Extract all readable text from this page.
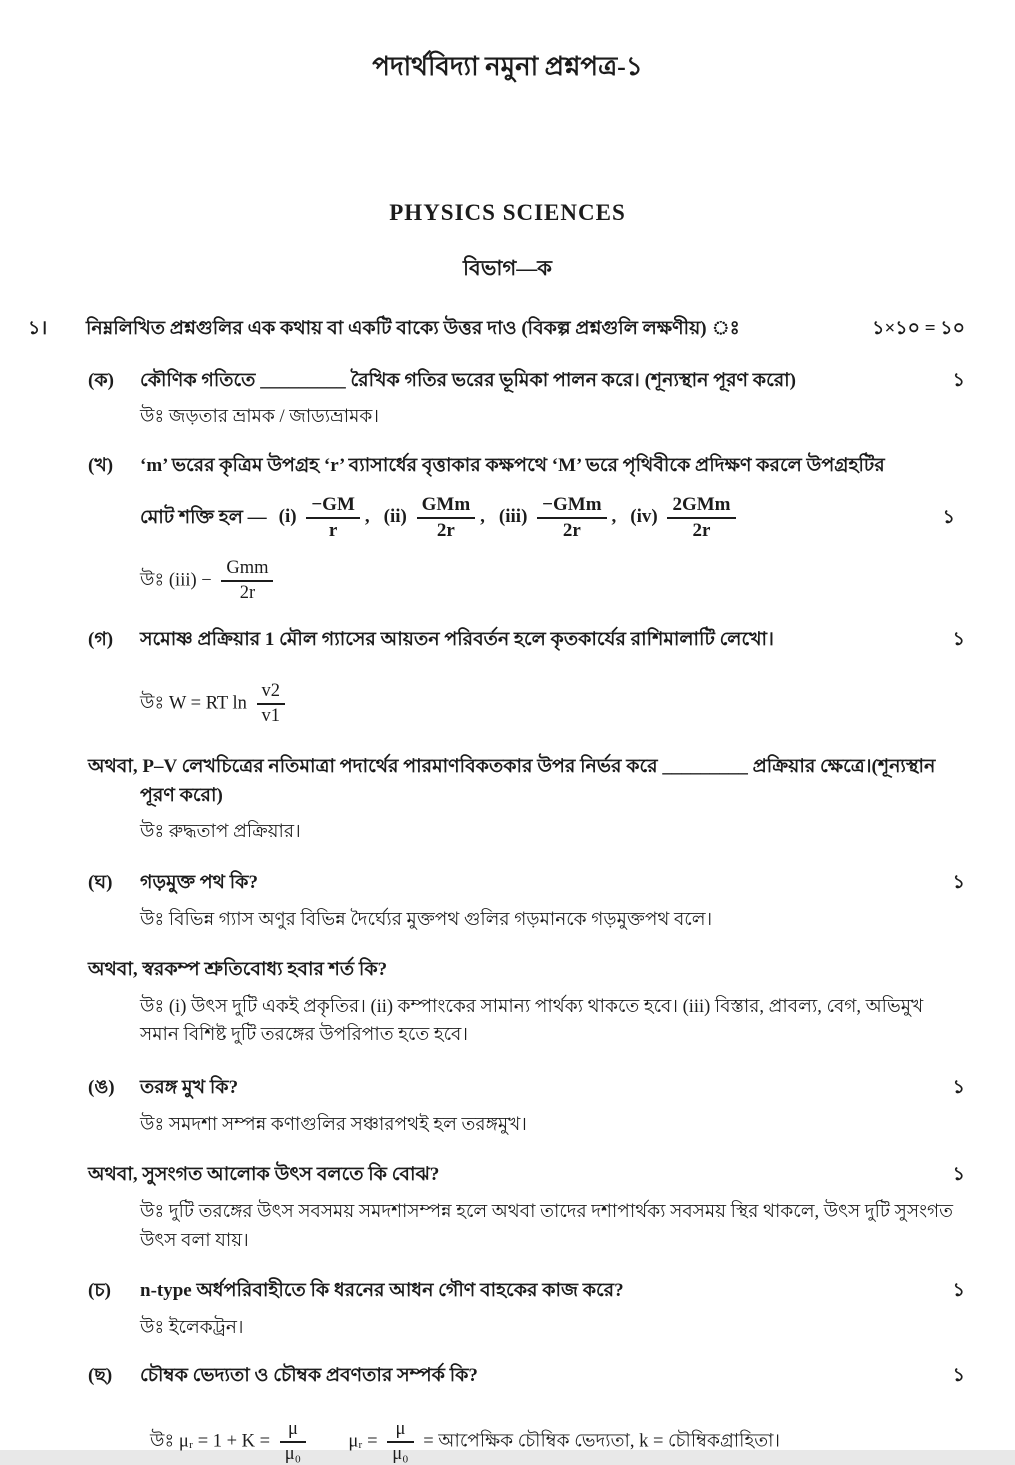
পদার্থবিদ্যা নমুনা প্রশ্নপত্র-১
PHYSICS SCIENCES
বিভাগ—ক
১।	নিম্নলিখিত প্রশ্নগুলির এক কথায় বা একটি বাক্যে উত্তর দাও (বিকল্প প্রশ্নগুলি লক্ষণীয়) ঃ	১×১০ = ১০
(ক)	কৌণিক গতিতে _________ রৈখিক গতির ভরের ভূমিকা পালন করে। (শূন্যস্থান পূরণ করো)	১
উঃ জড়তার ভ্রামক / জাড্যভ্রামক।
(খ)	‘m’ ভরের কৃত্রিম উপগ্রহ ‘r’ ব্যাসার্ধের বৃত্তাকার কক্ষপথে ‘M’ ভরে পৃথিবীকে প্রদিক্ষণ করলে উপগ্রহটির
মোট শক্তি হল — $(i) \frac{-GM}{r}$ , $(ii) \frac{\text{GMm}}{2r}$ , $(iii) \frac{\text{−GMm}}{2r}$ , $(iv) \frac{\text{2GMm}}{2r}$	১
উঃ $(iii) - \frac{\text{Gmm}}{2r}$
(গ)	সমোষ্ণ প্রক্রিয়ার 1 মৌল গ্যাসের আয়তন পরিবর্তন হলে কৃতকার্যের রাশিমালাটি লেখো।	১
উঃ W = RT $\ln \frac{v2}{v1}$
অথবা, P–V লেখচিত্রের নতিমাত্রা পদার্থের পারমাণবিকতকার উপর নির্ভর করে _________ প্রক্রিয়ার ক্ষেত্রে।(শূন্যস্থান
পূরণ করো)
উঃ রুদ্ধতাপ প্রক্রিয়ার।
(ঘ)	গড়মুক্ত পথ কি?	১
উঃ বিভিন্ন গ্যাস অণুর বিভিন্ন দৈর্ঘ্যের মুক্তপথ গুলির গড়মানকে গড়মুক্তপথ বলে।
অথবা, স্বরকম্প শ্রুতিবোধ্য হবার শর্ত কি?
উঃ (i) উৎস দুটি একই প্রকৃতির। (ii) কম্পাংকের সামান্য পার্থক্য থাকতে হবে। (iii) বিস্তার, প্রাবল্য, বেগ, অভিমুখ সমান বিশিষ্ট দুটি তরঙ্গের উপরিপাত হতে হবে।
(ঙ)	তরঙ্গ মুখ কি?	১
উঃ সমদশা সম্পন্ন কণাগুলির সঞ্চারপথই হল তরঙ্গমুখ।
অথবা, সুসংগত আলোক উৎস বলতে কি বোঝ?	১
উঃ দুটি তরঙ্গের উৎস সবসময় সমদশাসম্পন্ন হলে অথবা তাদের দশাপার্থক্য সবসময় স্থির থাকলে, উৎস দুটি সুসংগত উৎস বলা যায়।
(চ)	n-type অর্ধপরিবাহীতে কি ধরনের আধন গৌণ বাহকের কাজ করে?	১
উঃ ইলেকট্রন।
(ছ)	চৌম্বক ভেদ্যতা ও চৌম্বক প্রবণতার সম্পর্ক কি?	১
উঃ μᵣ = $1 + K = \frac{\mu}{\text{μ₀}}$ μᵣ = $\frac{\mu}{\text{μ₀}}$ = আপেক্ষিক চৌম্বিক ভেদ্যতা, k = চৌম্বিকগ্রাহিতা।
